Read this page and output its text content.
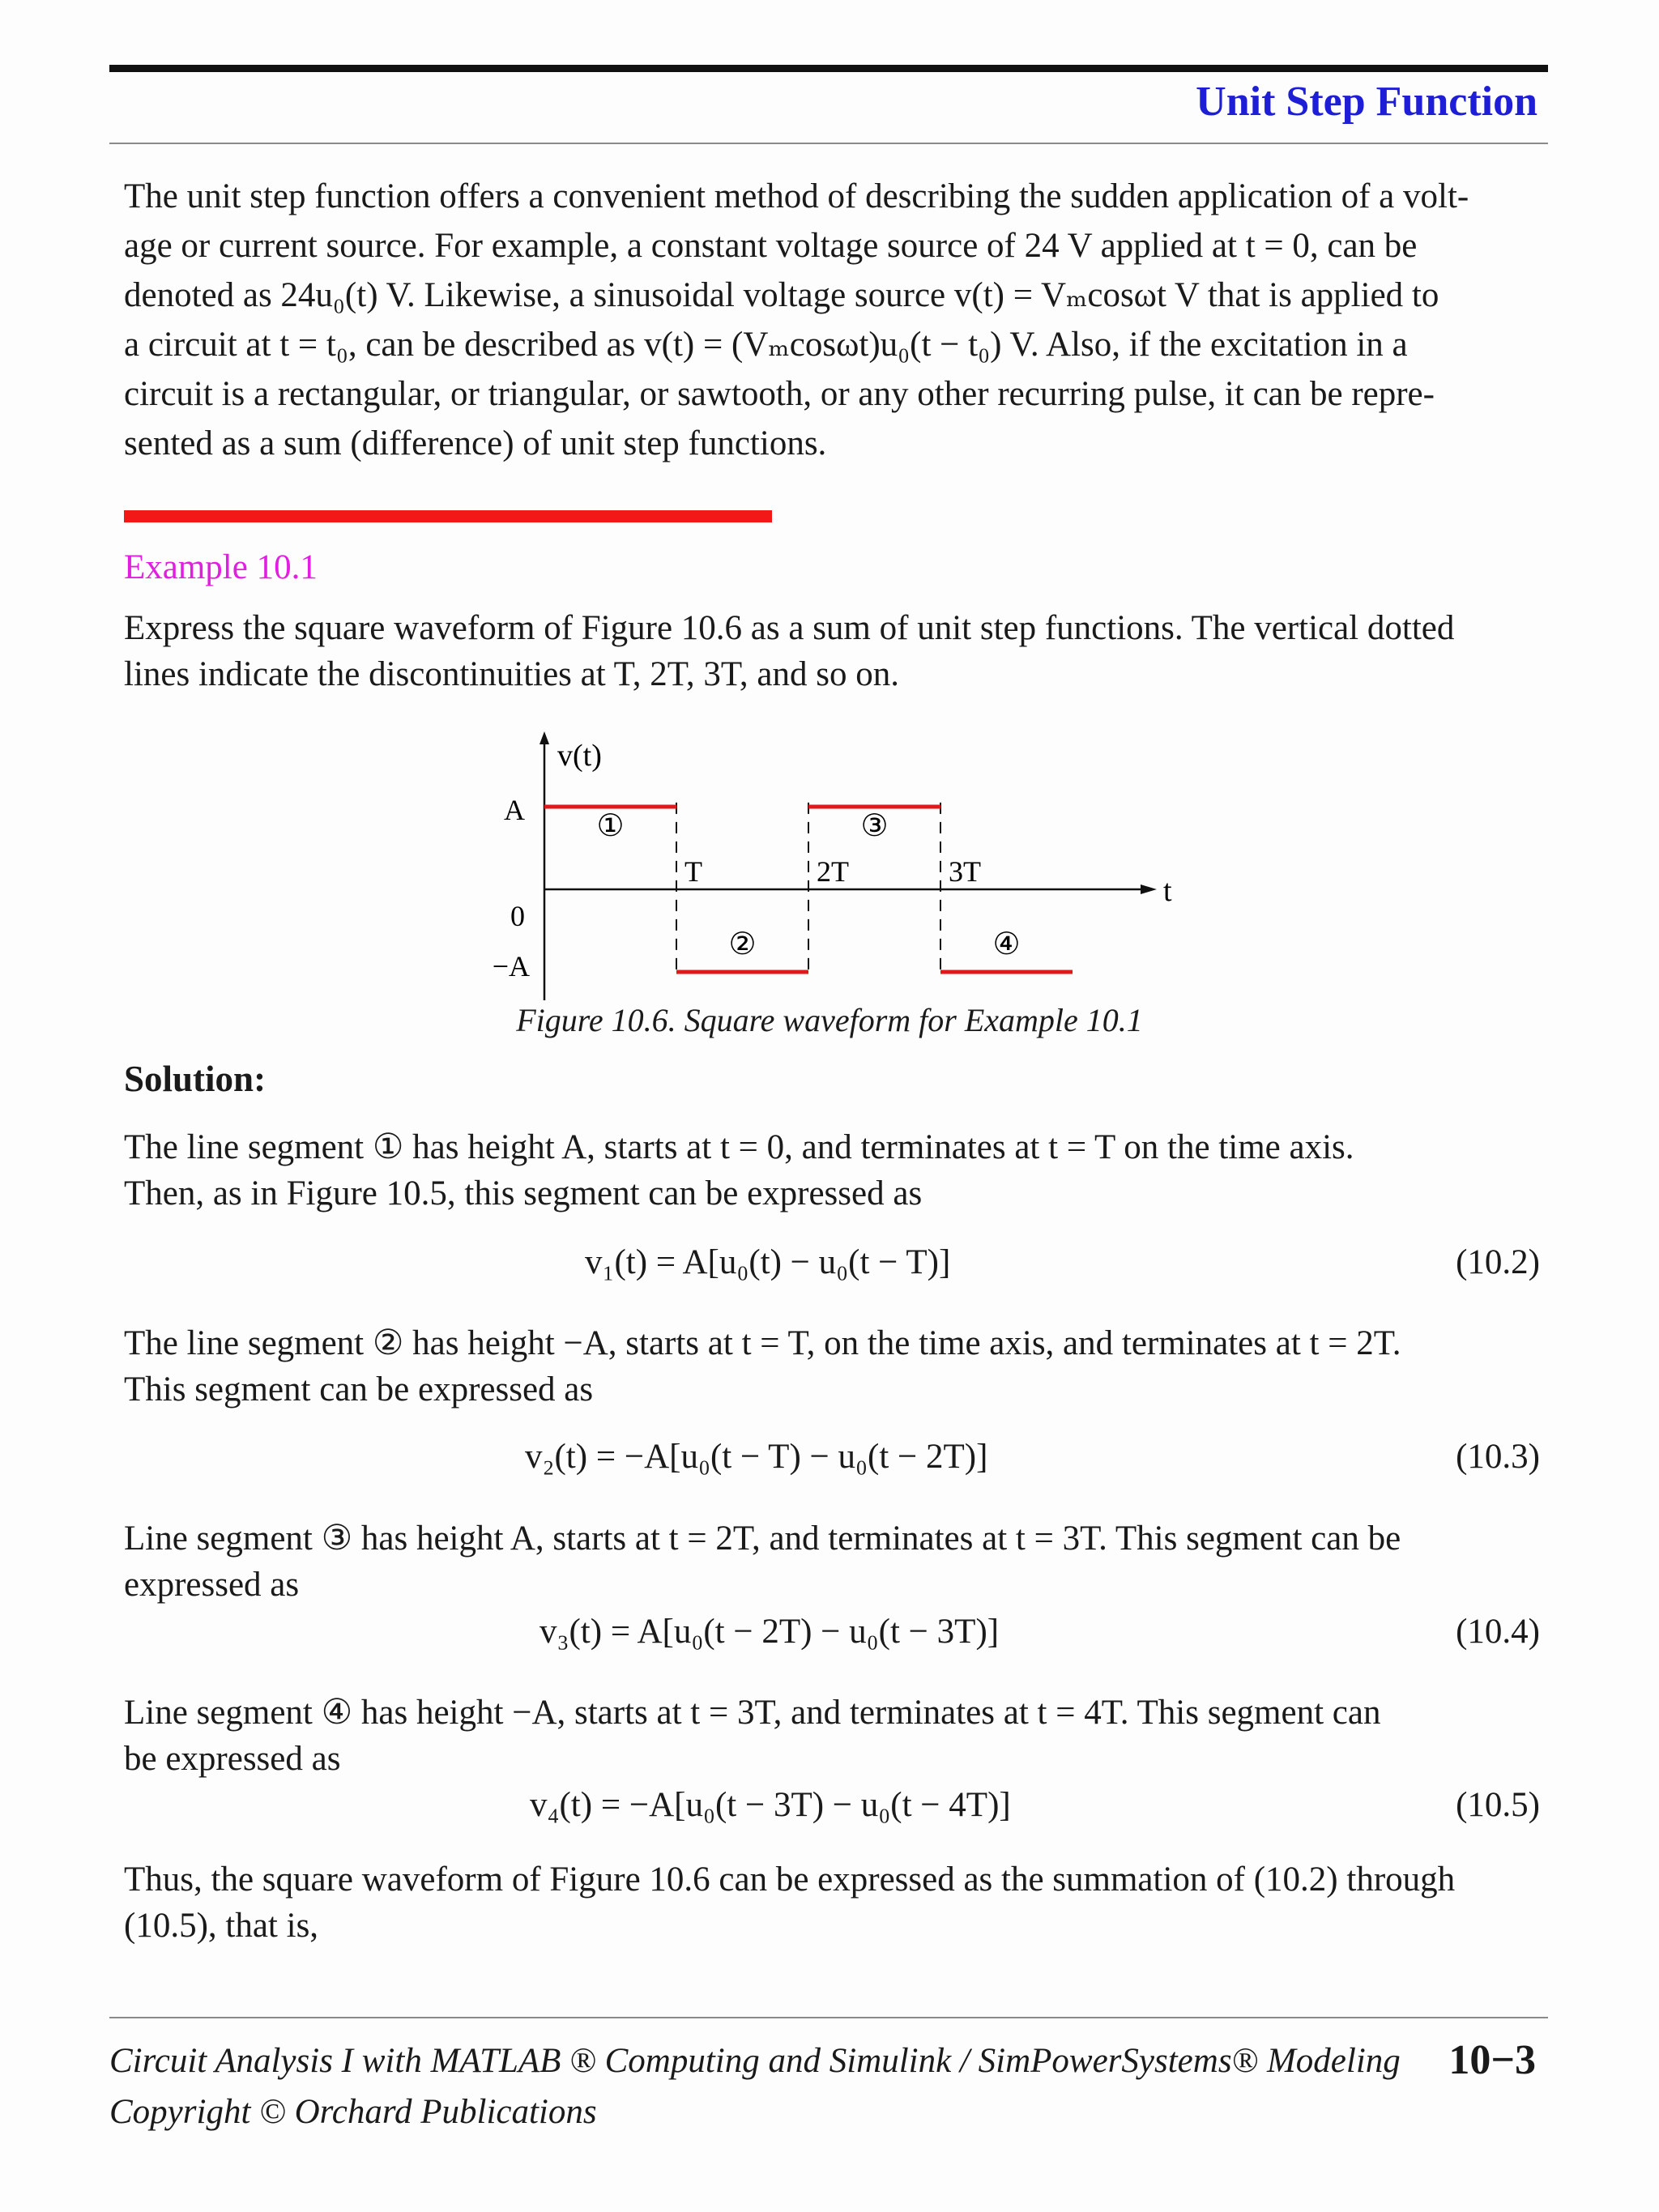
Unit Step Function
The unit step function offers a convenient method of describing the sudden application of a volt-
age or current source. For example, a constant voltage source of 24 V applied at t = 0, can be
denoted as 24u₀(t) V. Likewise, a sinusoidal voltage source v(t) = Vₘcosωt V that is applied to
a circuit at t = t₀, can be described as v(t) = (Vₘcosωt)u₀(t − t₀) V. Also, if the excitation in a
circuit is a rectangular, or triangular, or sawtooth, or any other recurring pulse, it can be repre-
sented as a sum (difference) of unit step functions.
Example 10.1
Express the square waveform of Figure 10.6 as a sum of unit step functions. The vertical dotted
lines indicate the discontinuities at T, 2T, 3T, and so on.
v(t)
t
A
0
−A
T	2T	3T
①
②
③
④
Figure 10.6. Square waveform for Example 10.1
Solution:
The line segment ① has height A, starts at t = 0, and terminates at t = T on the time axis.
Then, as in Figure 10.5, this segment can be expressed as
v₁(t) = A[u₀(t) − u₀(t − T)]	(10.2)
The line segment ② has height −A, starts at t = T, on the time axis, and terminates at t = 2T.
This segment can be expressed as
v₂(t) = −A[u₀(t − T) − u₀(t − 2T)]	(10.3)
Line segment ③ has height A, starts at t = 2T, and terminates at t = 3T. This segment can be
expressed as
v₃(t) = A[u₀(t − 2T) − u₀(t − 3T)]	(10.4)
Line segment ④ has height −A, starts at t = 3T, and terminates at t = 4T. This segment can
be expressed as
v₄(t) = −A[u₀(t − 3T) − u₀(t − 4T)]	(10.5)
Thus, the square waveform of Figure 10.6 can be expressed as the summation of (10.2) through
(10.5), that is,
Circuit Analysis I with MATLAB ® Computing and Simulink / SimPowerSystems® Modeling
Copyright © Orchard Publications
10−3
